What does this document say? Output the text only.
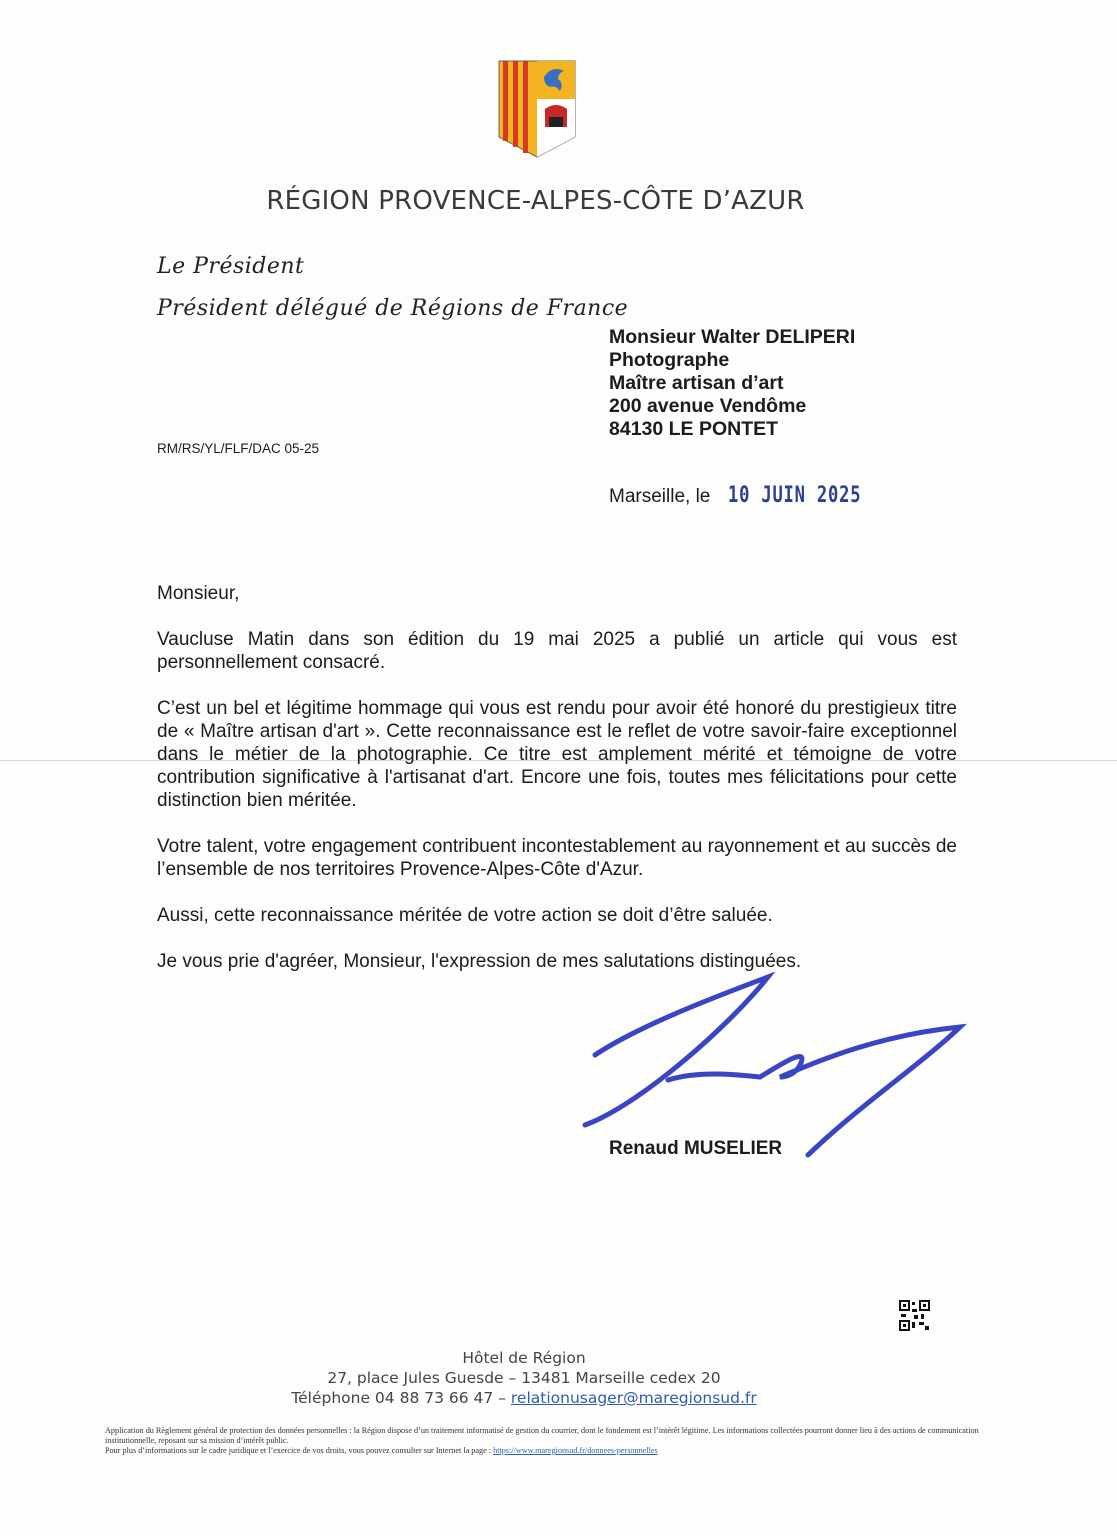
RÉGION PROVENCE-ALPES-CÔTE D’AZUR
Le Président
Président délégué de Régions de France
Monsieur Walter DELIPERI
Photographe
Maître artisan d’art
200 avenue Vendôme
84130 LE PONTET
RM/RS/YL/FLF/DAC 05-25
Marseille, le 10 JUIN 2025

Monsieur,

Vaucluse Matin dans son édition du 19 mai 2025 a publié un article qui vous est personnellement consacré.

C’est un bel et légitime hommage qui vous est rendu pour avoir été honoré du prestigieux titre de « Maître artisan d'art ». Cette reconnaissance est le reflet de votre savoir-faire exceptionnel dans le métier de la photographie. Ce titre est amplement mérité et témoigne de votre contribution significative à l'artisanat d'art. Encore une fois, toutes mes félicitations pour cette distinction bien méritée.

Votre talent, votre engagement contribuent incontestablement au rayonnement et au succès de l’ensemble de nos territoires Provence-Alpes-Côte d'Azur.

Aussi, cette reconnaissance méritée de votre action se doit d’être saluée.

Je vous prie d'agréer, Monsieur, l'expression de mes salutations distinguées.

Renaud MUSELIER
Hôtel de Région
27, place Jules Guesde – 13481 Marseille cedex 20
Téléphone 04 88 73 66 47 – relationusager@maregionsud.fr
Application du Règlement général de protection des données personnelles : la Région dispose d’un traitement informatisé de gestion du courrier, dont le fondement est l’intérêt légitime. Les informations collectées pourront donner lieu à des actions de communication institutionnelle, reposant sur sa mission d’intérêt public.
Pour plus d’informations sur le cadre juridique et l’exercice de vos droits, vous pouvez consulter sur Internet la page : https://www.maregionsud.fr/donnees-personnelles
